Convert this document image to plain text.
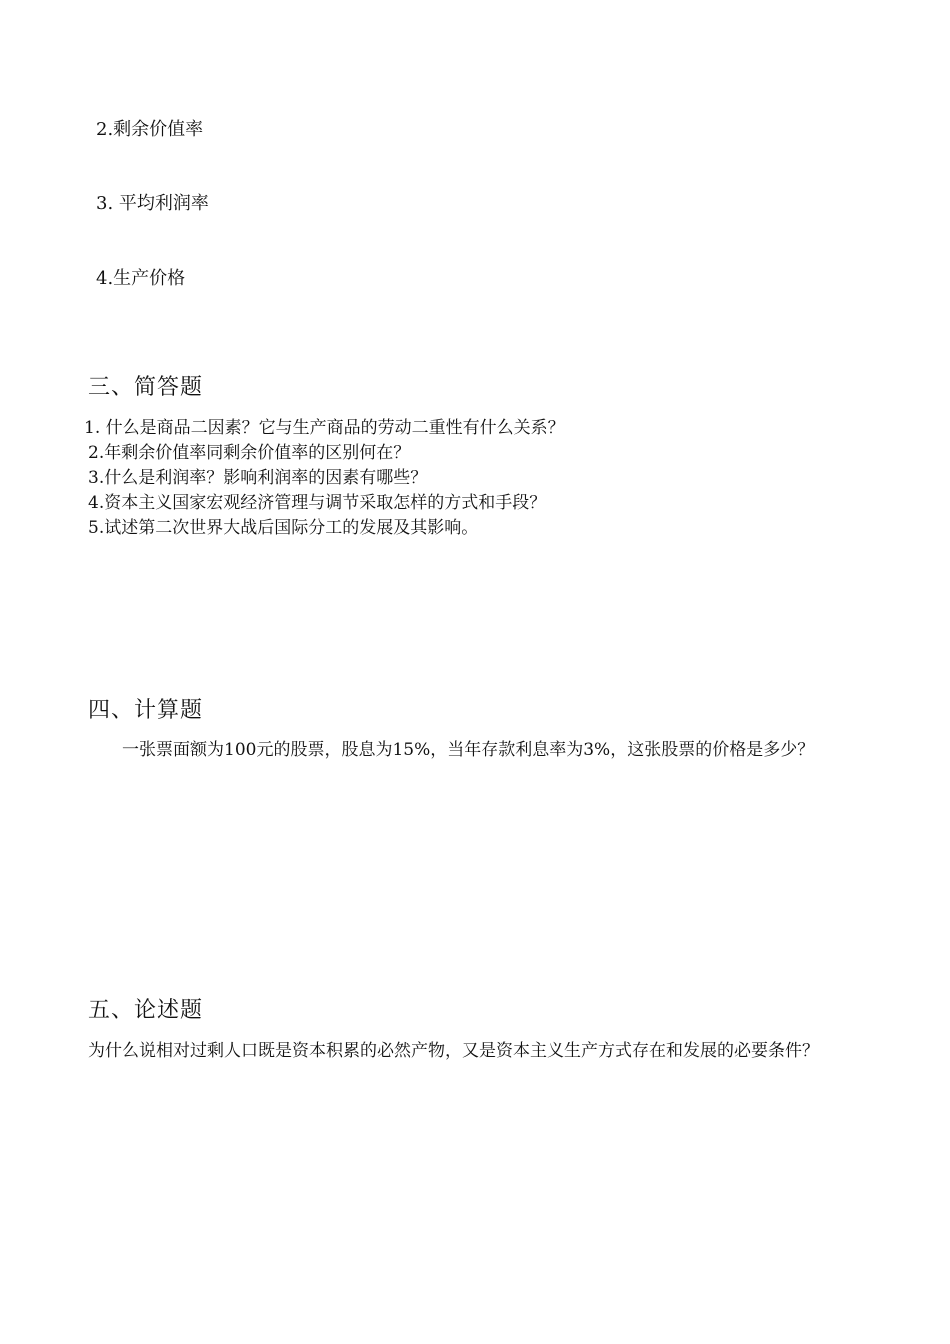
2.剩余价值率

3. 平均利润率

4.生产价格

三、简答题

1. 什么是商品二因素？它与生产商品的劳动二重性有什么关系？

2.年剩余价值率同剩余价值率的区别何在？

3.什么是利润率？影响利润率的因素有哪些？

4.资本主义国家宏观经济管理与调节采取怎样的方式和手段？

5.试述第二次世界大战后国际分工的发展及其影响。

四、计算题

一张票面额为100元的股票，股息为15%，当年存款利息率为3%，这张股票的价格是多少？

五、论述题

为什么说相对过剩人口既是资本积累的必然产物，又是资本主义生产方式存在和发展的必要条件？
